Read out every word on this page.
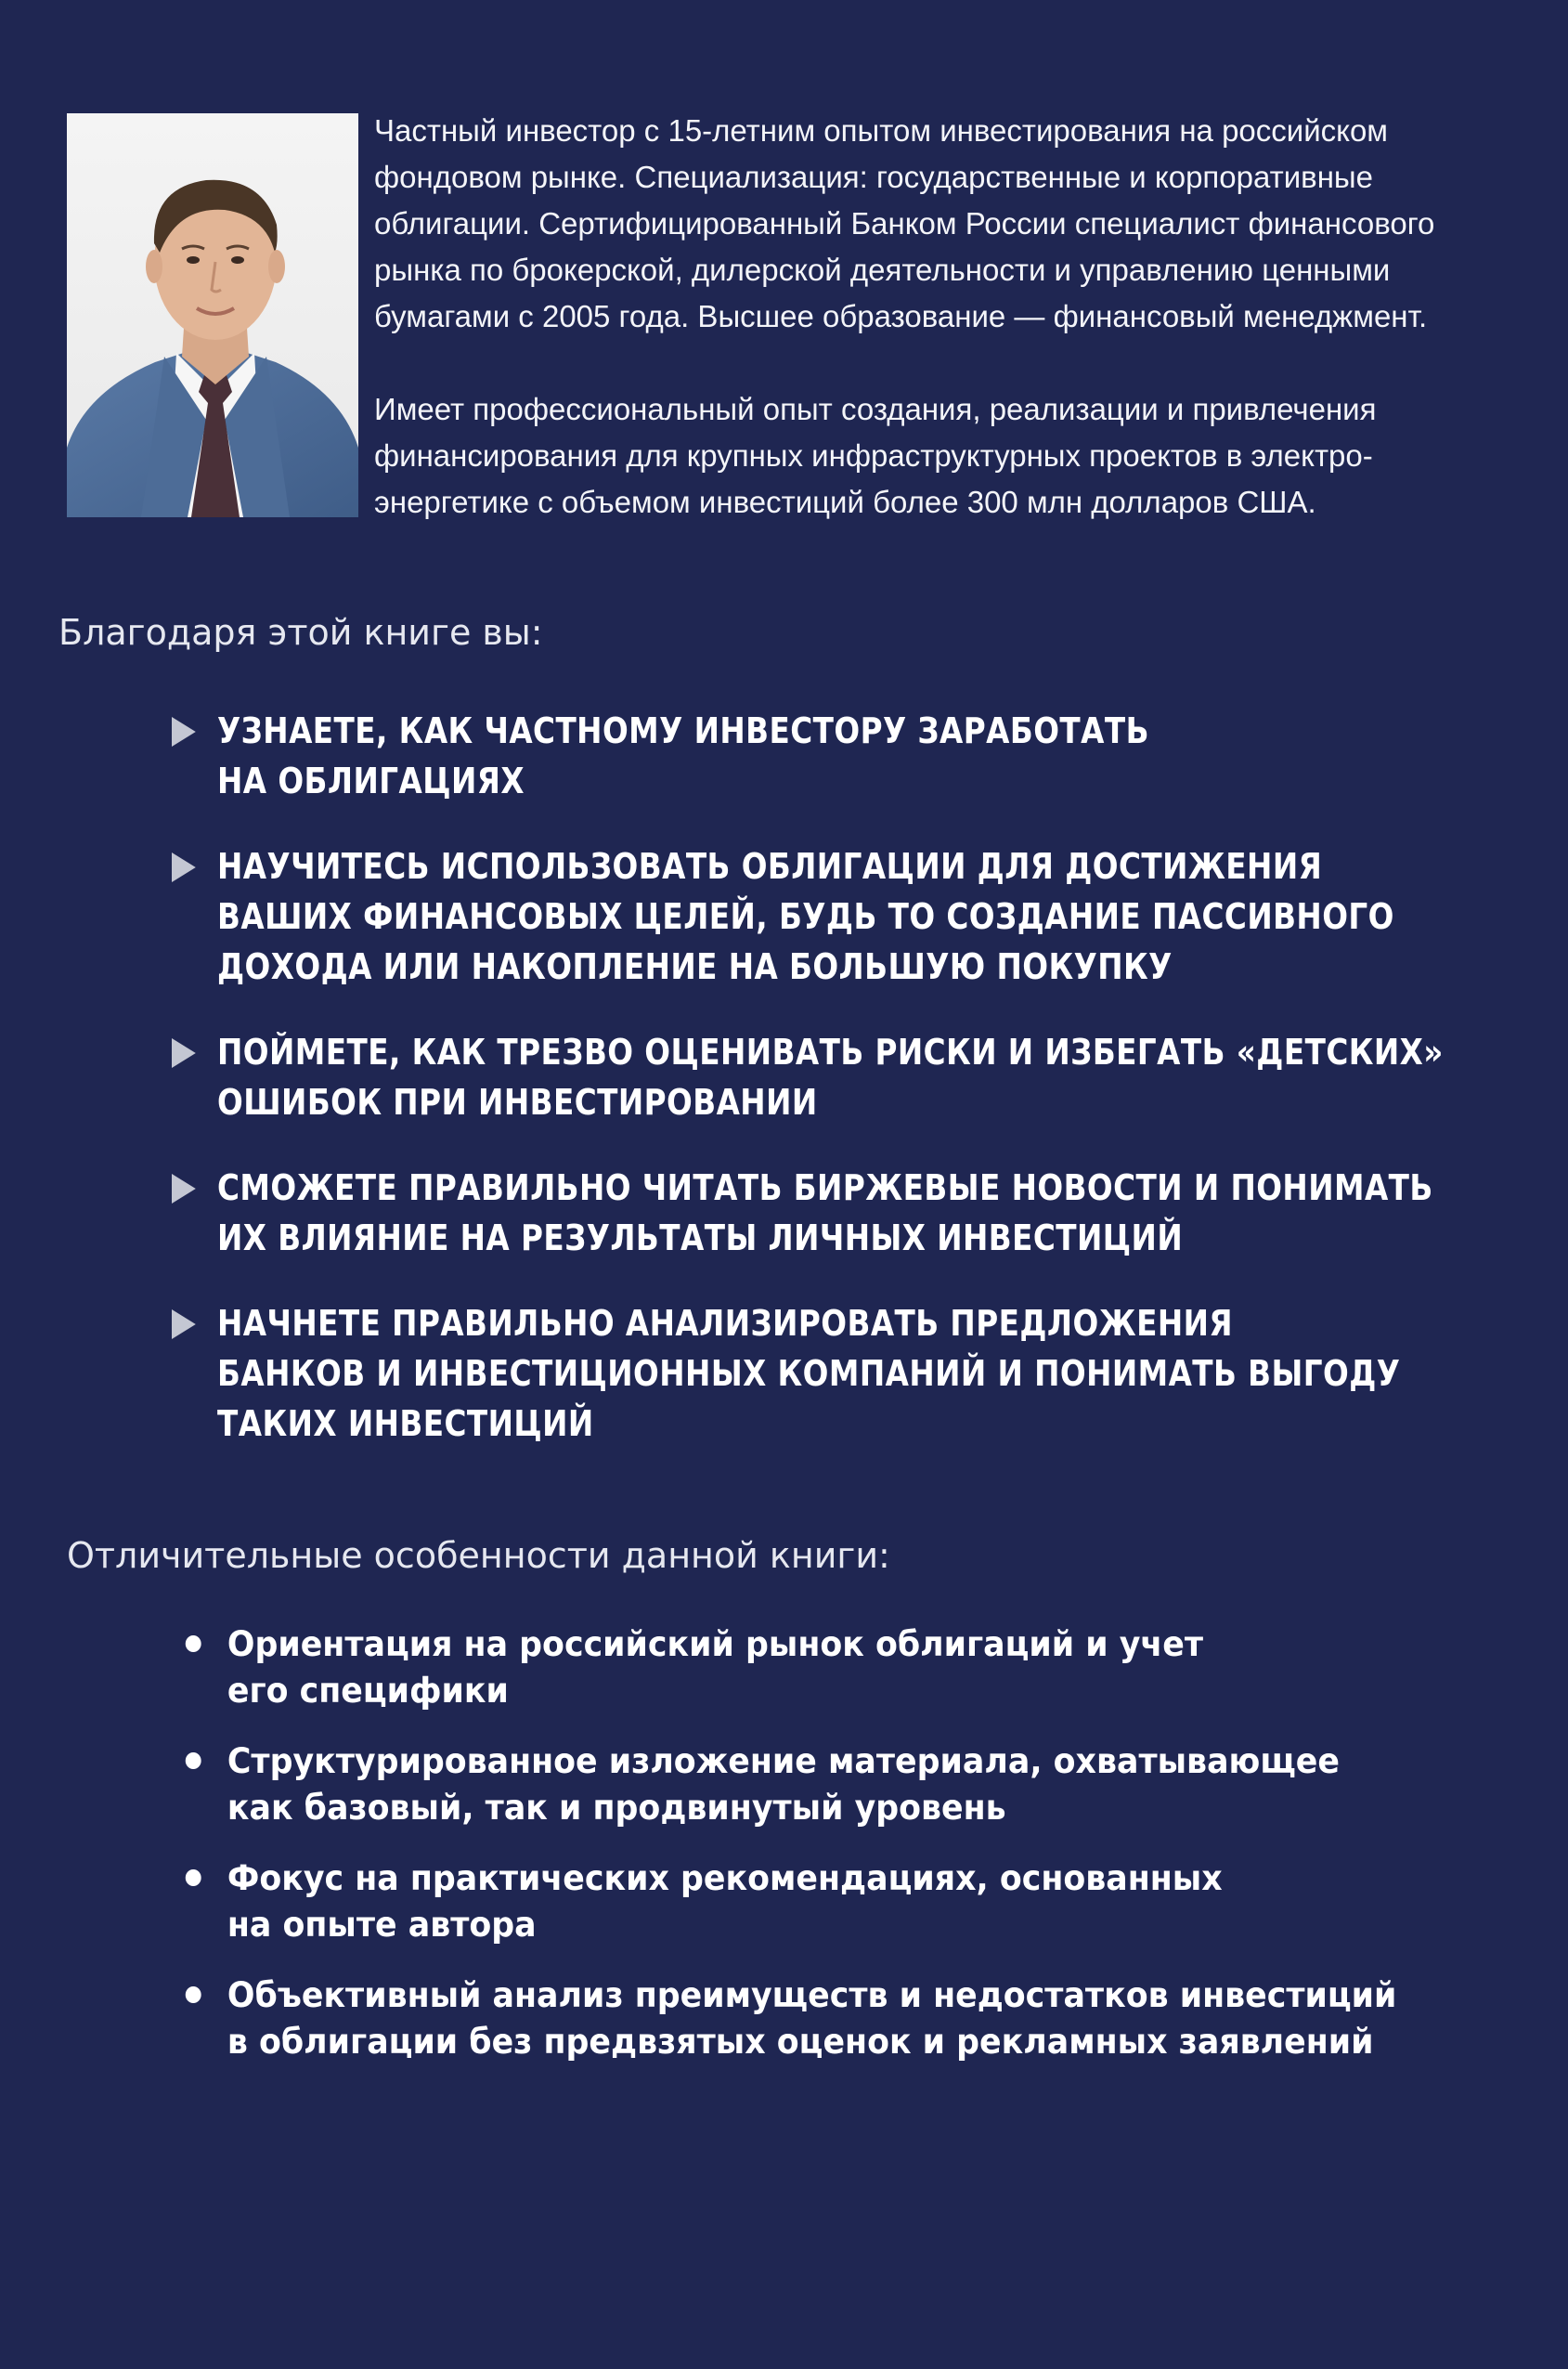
Частный инвестор с 15-летним опытом инвестирования на российском
фондовом рынке. Специализация: государственные и корпоративные
облигации. Сертифицированный Банком России специалист финансового
рынка по брокерской, дилерской деятельности и управлению ценными
бумагами с 2005 года. Высшее образование — финансовый менеджмент.

Имеет профессиональный опыт создания, реализации и привлечения
финансирования для крупных инфраструктурных проектов в электро-
энергетике с объемом инвестиций более 300 млн долларов США.

Благодаря этой книге вы:
УЗНАЕТЕ, КАК ЧАСТНОМУ ИНВЕСТОРУ ЗАРАБОТАТЬ
НА ОБЛИГАЦИЯХ
НАУЧИТЕСЬ ИСПОЛЬЗОВАТЬ ОБЛИГАЦИИ ДЛЯ ДОСТИЖЕНИЯ
ВАШИХ ФИНАНСОВЫХ ЦЕЛЕЙ, БУДЬ ТО СОЗДАНИЕ ПАССИВНОГО
ДОХОДА ИЛИ НАКОПЛЕНИЕ НА БОЛЬШУЮ ПОКУПКУ
ПОЙМЕТЕ, КАК ТРЕЗВО ОЦЕНИВАТЬ РИСКИ И ИЗБЕГАТЬ «ДЕТСКИХ»
ОШИБОК ПРИ ИНВЕСТИРОВАНИИ
СМОЖЕТЕ ПРАВИЛЬНО ЧИТАТЬ БИРЖЕВЫЕ НОВОСТИ И ПОНИМАТЬ
ИХ ВЛИЯНИЕ НА РЕЗУЛЬТАТЫ ЛИЧНЫХ ИНВЕСТИЦИЙ
НАЧНЕТЕ ПРАВИЛЬНО АНАЛИЗИРОВАТЬ ПРЕДЛОЖЕНИЯ
БАНКОВ И ИНВЕСТИЦИОННЫХ КОМПАНИЙ И ПОНИМАТЬ ВЫГОДУ
ТАКИХ ИНВЕСТИЦИЙ
Отличительные особенности данной книги:
Ориентация на российский рынок облигаций и учет
его специфики
Структурированное изложение материала, охватывающее
как базовый, так и продвинутый уровень
Фокус на практических рекомендациях, основанных
на опыте автора
Объективный анализ преимуществ и недостатков инвестиций
в облигации без предвзятых оценок и рекламных заявлений
